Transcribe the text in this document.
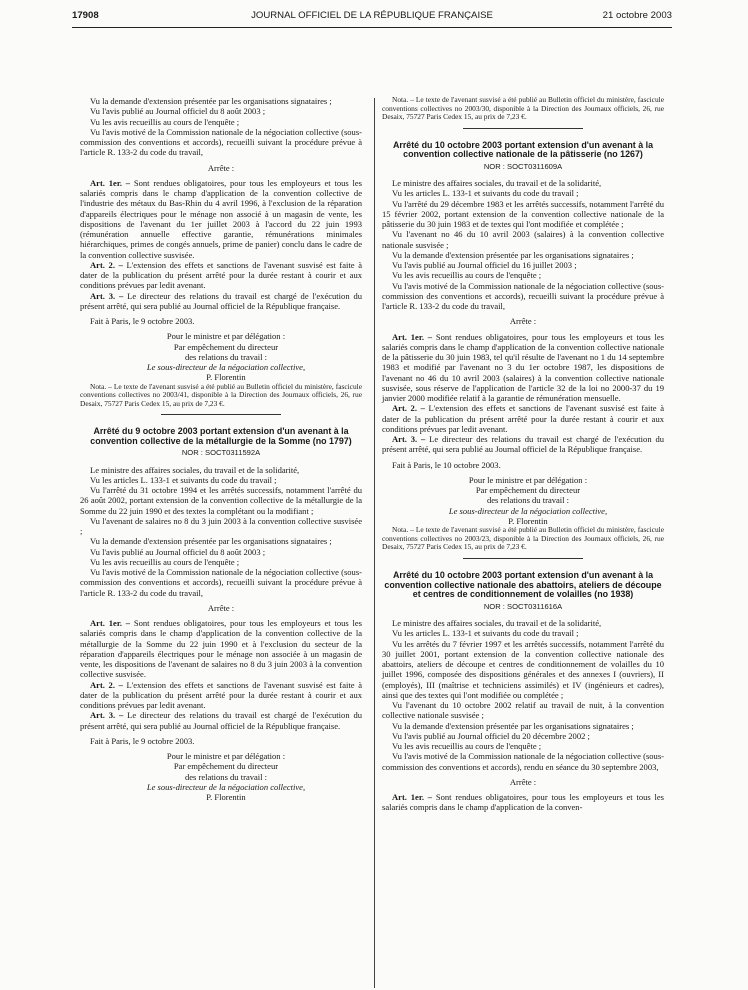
17908	JOURNAL OFFICIEL DE LA RÉPUBLIQUE FRANÇAISE	21 octobre 2003

Vu la demande d'extension présentée par les organisations signataires ;

Vu l'avis publié au Journal officiel du 8 août 2003 ;

Vu les avis recueillis au cours de l'enquête ;

Vu l'avis motivé de la Commission nationale de la négociation collective (sous-commission des conventions et accords), recueilli suivant la procédure prévue à l'article R. 133-2 du code du travail,

Arrête :

Art. 1er. – Sont rendues obligatoires, pour tous les employeurs et tous les salariés compris dans le champ d'application de la convention collective de l'industrie des métaux du Bas-Rhin du 4 avril 1996, à l'exclusion de la réparation d'appareils électriques pour le ménage non associé à un magasin de vente, les dispositions de l'avenant du 1er juillet 2003 à l'accord du 22 juin 1993 (rémunération annuelle effective garantie, rémunérations minimales hiérarchiques, primes de congés annuels, prime de panier) conclu dans le cadre de la convention collective susvisée.

Art. 2. – L'extension des effets et sanctions de l'avenant susvisé est faite à dater de la publication du présent arrêté pour la durée restant à courir et aux conditions prévues par ledit avenant.

Art. 3. – Le directeur des relations du travail est chargé de l'exécution du présent arrêté, qui sera publié au Journal officiel de la République française.

Fait à Paris, le 9 octobre 2003.

Pour le ministre et par délégation :

Par empêchement du directeur

des relations du travail :

Le sous-directeur de la négociation collective,

P. Florentin

Nota. – Le texte de l'avenant susvisé a été publié au Bulletin officiel du ministère, fascicule conventions collectives no 2003/41, disponible à la Direction des Journaux officiels, 26, rue Desaix, 75727 Paris Cedex 15, au prix de 7,23 €.

Arrêté du 9 octobre 2003 portant extension d'un avenant à la convention collective de la métallurgie de la Somme (no 1797)
NOR : SOCT0311592A

Le ministre des affaires sociales, du travail et de la solidarité,

Vu les articles L. 133-1 et suivants du code du travail ;

Vu l'arrêté du 31 octobre 1994 et les arrêtés successifs, notamment l'arrêté du 26 août 2002, portant extension de la convention collective de la métallurgie de la Somme du 22 juin 1990 et des textes la complétant ou la modifiant ;

Vu l'avenant de salaires no 8 du 3 juin 2003 à la convention collective susvisée ;

Vu la demande d'extension présentée par les organisations signataires ;

Vu l'avis publié au Journal officiel du 8 août 2003 ;

Vu les avis recueillis au cours de l'enquête ;

Vu l'avis motivé de la Commission nationale de la négociation collective (sous-commission des conventions et accords), recueilli suivant la procédure prévue à l'article R. 133-2 du code du travail,

Arrête :

Art. 1er. – Sont rendues obligatoires, pour tous les employeurs et tous les salariés compris dans le champ d'application de la convention collective de la métallurgie de la Somme du 22 juin 1990 et à l'exclusion du secteur de la réparation d'appareils électriques pour le ménage non associée à un magasin de vente, les dispositions de l'avenant de salaires no 8 du 3 juin 2003 à la convention collective susvisée.

Art. 2. – L'extension des effets et sanctions de l'avenant susvisé est faite à dater de la publication du présent arrêté pour la durée restant à courir et aux conditions prévues par ledit avenant.

Art. 3. – Le directeur des relations du travail est chargé de l'exécution du présent arrêté, qui sera publié au Journal officiel de la République française.

Fait à Paris, le 9 octobre 2003.

Pour le ministre et par délégation :

Par empêchement du directeur

des relations du travail :

Le sous-directeur de la négociation collective,

P. Florentin

Nota. – Le texte de l'avenant susvisé a été publié au Bulletin officiel du ministère, fascicule conventions collectives no 2003/30, disponible à la Direction des Journaux officiels, 26, rue Desaix, 75727 Paris Cedex 15, au prix de 7,23 €.

Arrêté du 10 octobre 2003 portant extension d'un avenant à la convention collective nationale de la pâtisserie (no 1267)
NOR : SOCT0311609A

Le ministre des affaires sociales, du travail et de la solidarité,

Vu les articles L. 133-1 et suivants du code du travail ;

Vu l'arrêté du 29 décembre 1983 et les arrêtés successifs, notamment l'arrêté du 15 février 2002, portant extension de la convention collective nationale de la pâtisserie du 30 juin 1983 et de textes qui l'ont modifiée et complétée ;

Vu l'avenant no 46 du 10 avril 2003 (salaires) à la convention collective nationale susvisée ;

Vu la demande d'extension présentée par les organisations signataires ;

Vu l'avis publié au Journal officiel du 16 juillet 2003 ;

Vu les avis recueillis au cours de l'enquête ;

Vu l'avis motivé de la Commission nationale de la négociation collective (sous-commission des conventions et accords), recueilli suivant la procédure prévue à l'article R. 133-2 du code du travail,

Arrête :

Art. 1er. – Sont rendues obligatoires, pour tous les employeurs et tous les salariés compris dans le champ d'application de la convention collective nationale de la pâtisserie du 30 juin 1983, tel qu'il résulte de l'avenant no 1 du 14 septembre 1983 et modifié par l'avenant no 3 du 1er octobre 1987, les dispositions de l'avenant no 46 du 10 avril 2003 (salaires) à la convention collective nationale susvisée, sous réserve de l'application de l'article 32 de la loi no 2000-37 du 19 janvier 2000 modifiée relatif à la garantie de rémunération mensuelle.

Art. 2. – L'extension des effets et sanctions de l'avenant susvisé est faite à dater de la publication du présent arrêté pour la durée restant à courir et aux conditions prévues par ledit avenant.

Art. 3. – Le directeur des relations du travail est chargé de l'exécution du présent arrêté, qui sera publié au Journal officiel de la République française.

Fait à Paris, le 10 octobre 2003.

Pour le ministre et par délégation :

Par empêchement du directeur

des relations du travail :

Le sous-directeur de la négociation collective,

P. Florentin

Nota. – Le texte de l'avenant susvisé a été publié au Bulletin officiel du ministère, fascicule conventions collectives no 2003/23, disponible à la Direction des Journaux officiels, 26, rue Desaix, 75727 Paris Cedex 15, au prix de 7,23 €.

Arrêté du 10 octobre 2003 portant extension d'un avenant à la convention collective nationale des abattoirs, ateliers de découpe et centres de conditionnement de volailles (no 1938)
NOR : SOCT0311616A

Le ministre des affaires sociales, du travail et de la solidarité,

Vu les articles L. 133-1 et suivants du code du travail ;

Vu les arrêtés du 7 février 1997 et les arrêtés successifs, notamment l'arrêté du 30 juillet 2001, portant extension de la convention collective nationale des abattoirs, ateliers de découpe et centres de conditionnement de volailles du 10 juillet 1996, composée des dispositions générales et des annexes I (ouvriers), II (employés), III (maîtrise et techniciens assimilés) et IV (ingénieurs et cadres), ainsi que des textes qui l'ont modifiée ou complétée ;

Vu l'avenant du 10 octobre 2002 relatif au travail de nuit, à la convention collective nationale susvisée ;

Vu la demande d'extension présentée par les organisations signataires ;

Vu l'avis publié au Journal officiel du 20 décembre 2002 ;

Vu les avis recueillis au cours de l'enquête ;

Vu l'avis motivé de la Commission nationale de la négociation collective (sous-commission des conventions et accords), rendu en séance du 30 septembre 2003,

Arrête :

Art. 1er. – Sont rendues obligatoires, pour tous les employeurs et tous les salariés compris dans le champ d'application de la conven-
